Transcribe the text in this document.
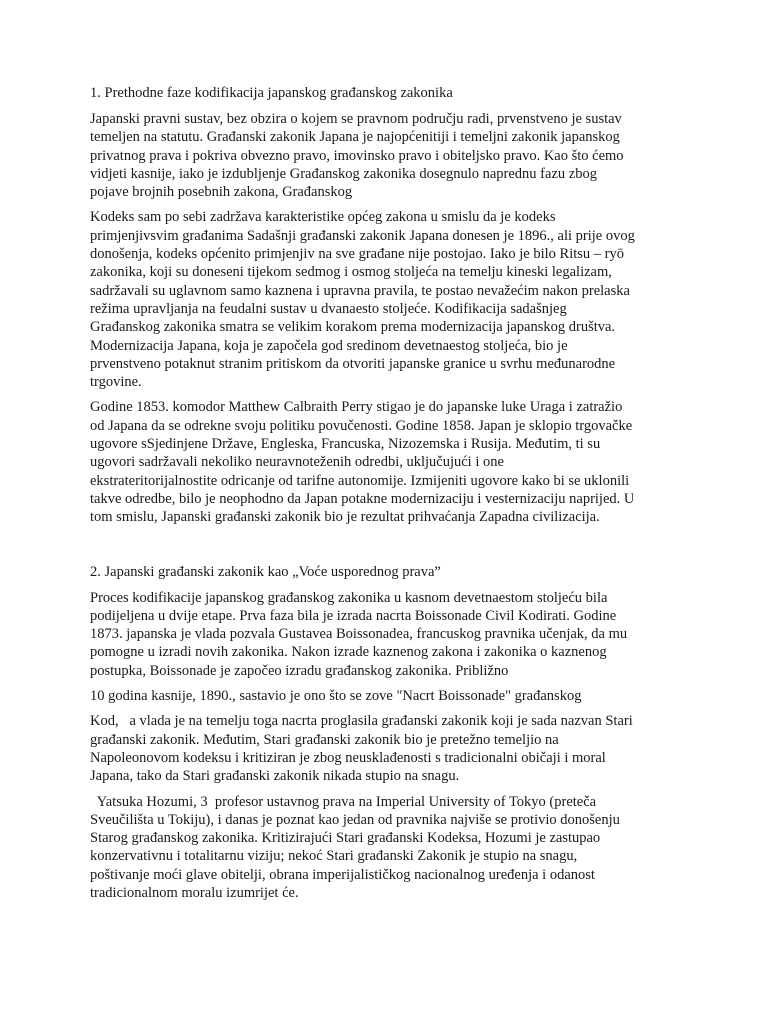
1. Prethodne faze kodifikacija japanskog građanskog zakonika
Japanski pravni sustav, bez obzira o kojem se pravnom području radi, prvenstveno je sustav
temeljen na statutu. Građanski zakonik Japana je najopćenitiji i temeljni zakonik japanskog
privatnog prava i pokriva obvezno pravo, imovinsko pravo i obiteljsko pravo. Kao što ćemo
vidjeti kasnije, iako je izdubljenje Građanskog zakonika dosegnulo naprednu fazu zbog
pojave brojnih posebnih zakona, Građanskog
Kodeks sam po sebi zadržava karakteristike općeg zakona u smislu da je kodeks
primjenjivsvim građanima Sadašnji građanski zakonik Japana donesen je 1896., ali prije ovog
donošenja, kodeks općenito primjenjiv na sve građane nije postojao. Iako je bilo Ritsu – ryō
zakonika, koji su doneseni tijekom sedmog i osmog stoljeća na temelju kineski legalizam,
sadržavali su uglavnom samo kaznena i upravna pravila, te postao nevažećim nakon prelaska
režima upravljanja na feudalni sustav u dvanaesto stoljeće. Kodifikacija sadašnjeg
Građanskog zakonika smatra se velikim korakom prema modernizacija japanskog društva.
Modernizacija Japana, koja je započela god sredinom devetnaestog stoljeća, bio je
prvenstveno potaknut stranim pritiskom da otvoriti japanske granice u svrhu međunarodne
trgovine.
Godine 1853. komodor Matthew Calbraith Perry stigao je do japanske luke Uraga i zatražio
od Japana da se odrekne svoju politiku povučenosti. Godine 1858. Japan je sklopio trgovačke
ugovore sSjedinjene Države, Engleska, Francuska, Nizozemska i Rusija. Međutim, ti su
ugovori sadržavali nekoliko neuravnoteženih odredbi, uključujući i one
ekstrateritorijalnostite odricanje od tarifne autonomije. Izmijeniti ugovore kako bi se uklonili
takve odredbe, bilo je neophodno da Japan potakne modernizaciju i vesternizaciju naprijed. U
tom smislu, Japanski građanski zakonik bio je rezultat prihvaćanja Zapadna civilizacija.
2. Japanski građanski zakonik kao „Voće usporednog prava”
Proces kodifikacije japanskog građanskog zakonika u kasnom devetnaestom stoljeću bila
podijeljena u dvije etape. Prva faza bila je izrada nacrta Boissonade Civil Kodirati. Godine
1873. japanska je vlada pozvala Gustavea Boissonadea, francuskog pravnika učenjak, da mu
pomogne u izradi novih zakonika. Nakon izrade kaznenog zakona i zakonika o kaznenog
postupka, Boissonade je započeo izradu građanskog zakonika. Približno
10 godina kasnije, 1890., sastavio je ono što se zove "Nacrt Boissonade" građanskog
Kod,   a vlada je na temelju toga nacrta proglasila građanski zakonik koji je sada nazvan Stari
građanski zakonik. Međutim, Stari građanski zakonik bio je pretežno temeljio na
Napoleonovom kodeksu i kritiziran je zbog neusklađenosti s tradicionalni običaji i moral
Japana, tako da Stari građanski zakonik nikada stupio na snagu.
Yatsuka Hozumi, 3  profesor ustavnog prava na Imperial University of Tokyo (preteča
Sveučilišta u Tokiju), i danas je poznat kao jedan od pravnika najviše se protivio donošenju
Starog građanskog zakonika. Kritizirajući Stari građanski Kodeksa, Hozumi je zastupao
konzervativnu i totalitarnu viziju; nekoć Stari građanski Zakonik je stupio na snagu,
poštivanje moći glave obitelji, obrana imperijalističkog nacionalnog uređenja i odanost
tradicionalnom moralu izumrijet će.
